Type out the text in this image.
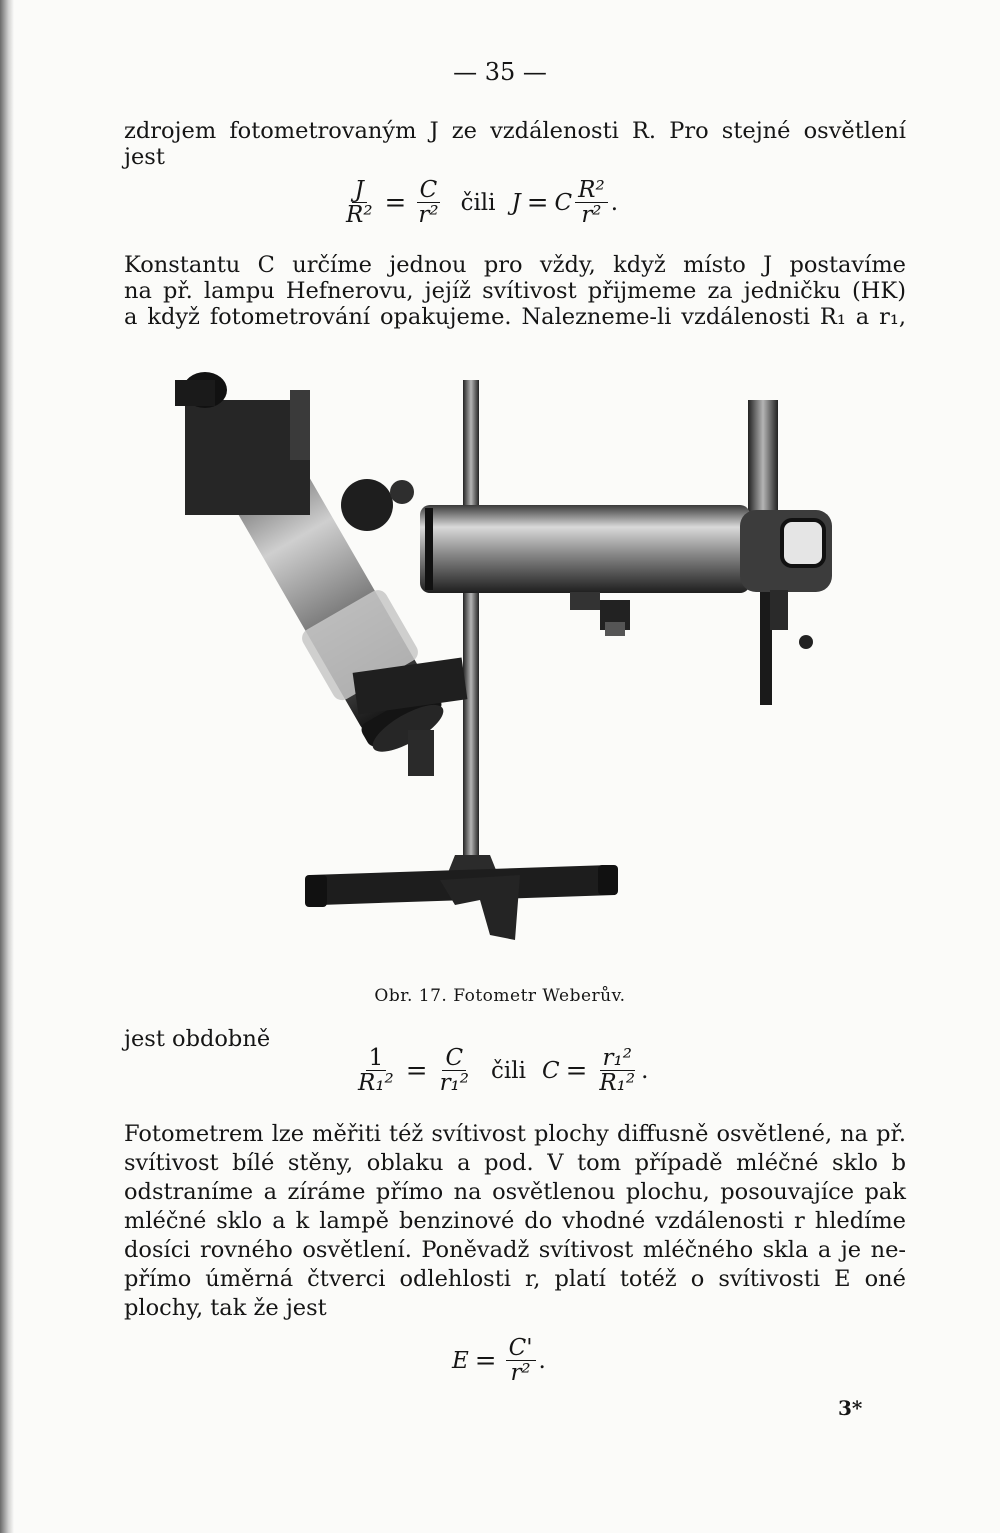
— 35 —
zdrojem fotometrovaným J ze vzdálenosti R. Pro stejné osvětlení
jest
$\frac{J}{\text{R²}} = \frac{C}{\text{r²}}$ čili J = C $\frac{\text{R²}}{\text{r²}}$ .
Konstantu C určíme jednou pro vždy, když místo J postavíme
na př. lampu Hefnerovu, jejíž svítivost přijmeme za jedničku (HK)
a když fotometrování opakujeme. Nalezneme-li vzdálenosti R₁ a r₁,
Obr. 17. Fotometr Weberův.
jest obdobně
$\frac{1}{\text{R₁²}} = \frac{C}{\text{r₁²}}$ čili $C = \frac{\text{r₁²}}{\text{R₁²}}$ .
Fotometrem lze měřiti též svítivost plochy diffusně osvětlené, na př.
svítivost bílé stěny, oblaku a pod. V tom případě mléčné sklo b
odstraníme a zíráme přímo na osvětlenou plochu, posouvajíce pak
mléčné sklo a k lampě benzinové do vhodné vzdálenosti r hledíme
dosíci rovného osvětlení. Poněvadž svítivost mléčného skla a je ne-
přímo úměrná čtverci odlehlosti r, platí totéž o svítivosti E oné
plochy, tak že jest
$E = \frac{C'}{\text{r²}}$ .
3*
